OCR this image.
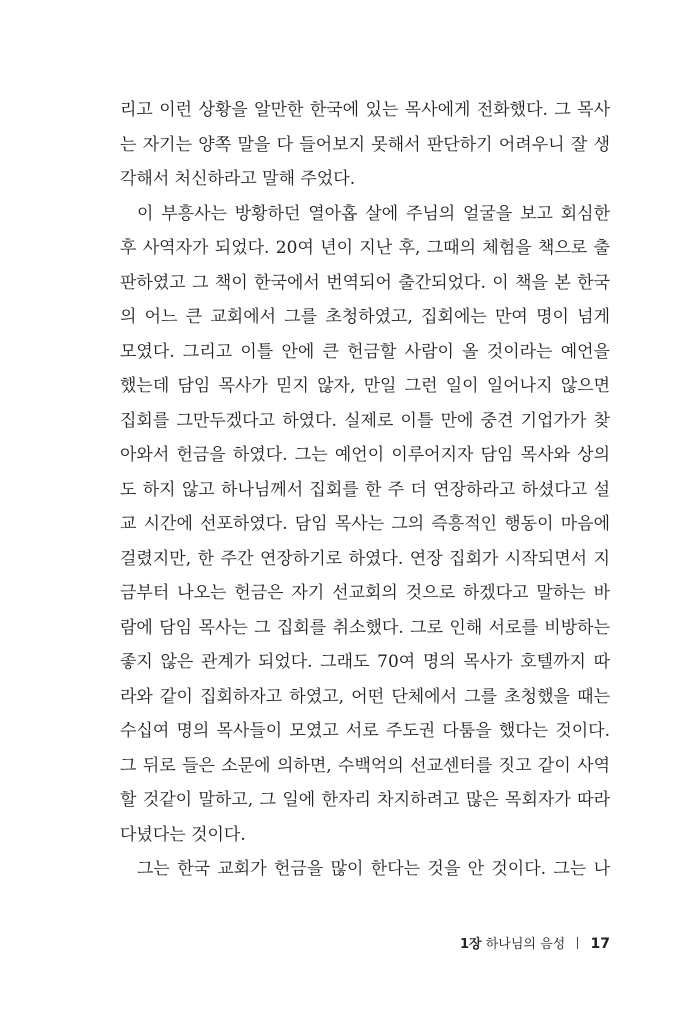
리고 이런 상황을 알만한 한국에 있는 목사에게 전화했다. 그 목사
는 자기는 양쪽 말을 다 들어보지 못해서 판단하기 어려우니 잘 생
각해서 처신하라고 말해 주었다.
이 부흥사는 방황하던 열아홉 살에 주님의 얼굴을 보고 회심한
후 사역자가 되었다. 20여 년이 지난 후, 그때의 체험을 책으로 출
판하였고 그 책이 한국에서 번역되어 출간되었다. 이 책을 본 한국
의 어느 큰 교회에서 그를 초청하였고, 집회에는 만여 명이 넘게
모였다. 그리고 이틀 안에 큰 헌금할 사람이 올 것이라는 예언을
했는데 담임 목사가 믿지 않자, 만일 그런 일이 일어나지 않으면
집회를 그만두겠다고 하였다. 실제로 이틀 만에 중견 기업가가 찾
아와서 헌금을 하였다. 그는 예언이 이루어지자 담임 목사와 상의
도 하지 않고 하나님께서 집회를 한 주 더 연장하라고 하셨다고 설
교 시간에 선포하였다. 담임 목사는 그의 즉흥적인 행동이 마음에
걸렸지만, 한 주간 연장하기로 하였다. 연장 집회가 시작되면서 지
금부터 나오는 헌금은 자기 선교회의 것으로 하겠다고 말하는 바
람에 담임 목사는 그 집회를 취소했다. 그로 인해 서로를 비방하는
좋지 않은 관계가 되었다. 그래도 70여 명의 목사가 호텔까지 따
라와 같이 집회하자고 하였고, 어떤 단체에서 그를 초청했을 때는
수십여 명의 목사들이 모였고 서로 주도권 다툼을 했다는 것이다.
그 뒤로 들은 소문에 의하면, 수백억의 선교센터를 짓고 같이 사역
할 것같이 말하고, 그 일에 한자리 차지하려고 많은 목회자가 따라
다녔다는 것이다.
그는 한국 교회가 헌금을 많이 한다는 것을 안 것이다. 그는 나
1장 하나님의 음성 17
